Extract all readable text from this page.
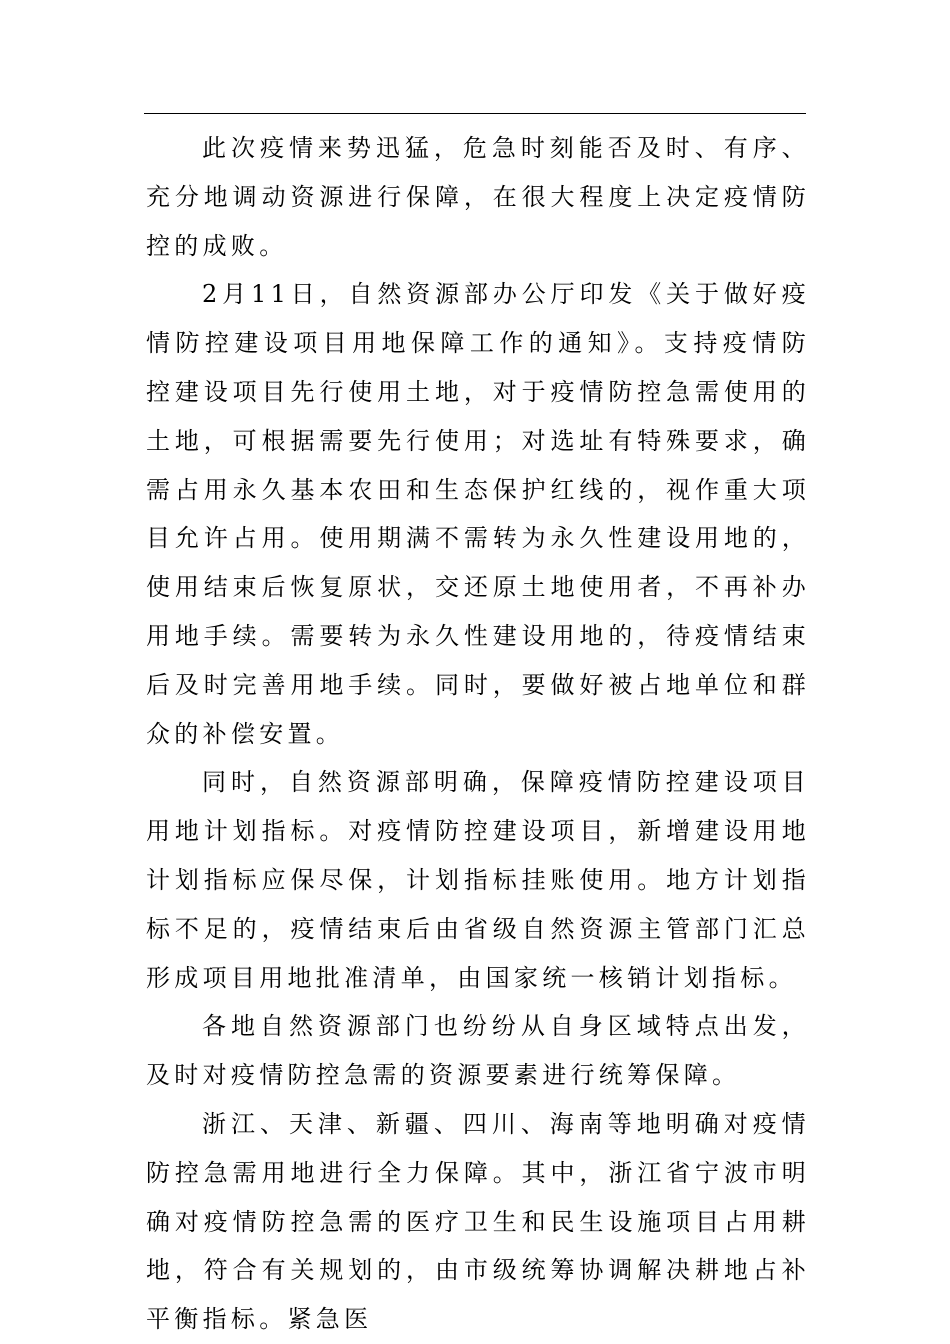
此次疫情来势迅猛，危急时刻能否及时、有序、充分地调动资源进行保障，在很大程度上决定疫情防控的成败。

2月11日，自然资源部办公厅印发《关于做好疫情防控建设项目用地保障工作的通知》。支持疫情防控建设项目先行使用土地，对于疫情防控急需使用的土地，可根据需要先行使用；对选址有特殊要求，确需占用永久基本农田和生态保护红线的，视作重大项目允许占用。使用期满不需转为永久性建设用地的，使用结束后恢复原状，交还原土地使用者，不再补办用地手续。需要转为永久性建设用地的，待疫情结束后及时完善用地手续。同时，要做好被占地单位和群众的补偿安置。

同时，自然资源部明确，保障疫情防控建设项目用地计划指标。对疫情防控建设项目，新增建设用地计划指标应保尽保，计划指标挂账使用。地方计划指标不足的，疫情结束后由省级自然资源主管部门汇总形成项目用地批准清单，由国家统一核销计划指标。

各地自然资源部门也纷纷从自身区域特点出发，及时对疫情防控急需的资源要素进行统筹保障。

浙江、天津、新疆、四川、海南等地明确对疫情防控急需用地进行全力保障。其中，浙江省宁波市明确对疫情防控急需的医疗卫生和民生设施项目占用耕地，符合有关规划的，由市级统筹协调解决耕地占补平衡指标。紧急医
